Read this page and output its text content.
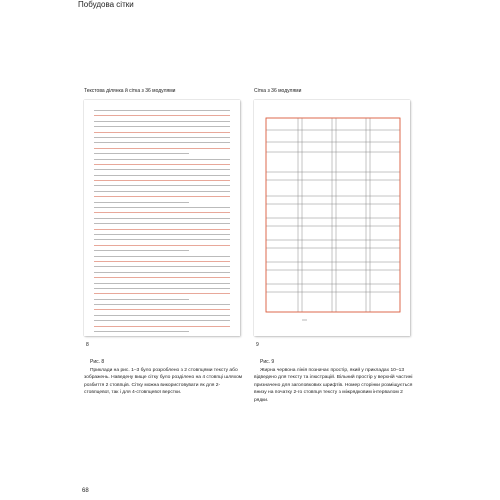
Побудова сітки
Текстова ділянка й сітка з 36 модулями	Сітка з 36 модулями
8	9
Рис. 8	Рис. 9
Приклади на рис. 1–3 було розроблено з 2 стовпцями тексту або зображень. Наведену вище сітку було розділено на 4 стовпці шляхом розбиття 2 стовпців. Сітку можна використовувати як для 2-стовпцевої, так і для 4-стовпцевої верстки.
Жирна червона лінія позначає простір, який у прикладах 10–13 відведено для тексту та ілюстрацій. Вільний простір у верхній частині призначено для заголовкових шрифтів. Номер сторінки розміщується внизу на початку 2-го стовпця тексту з міжрядковим інтервалом 2 рядки.
68
